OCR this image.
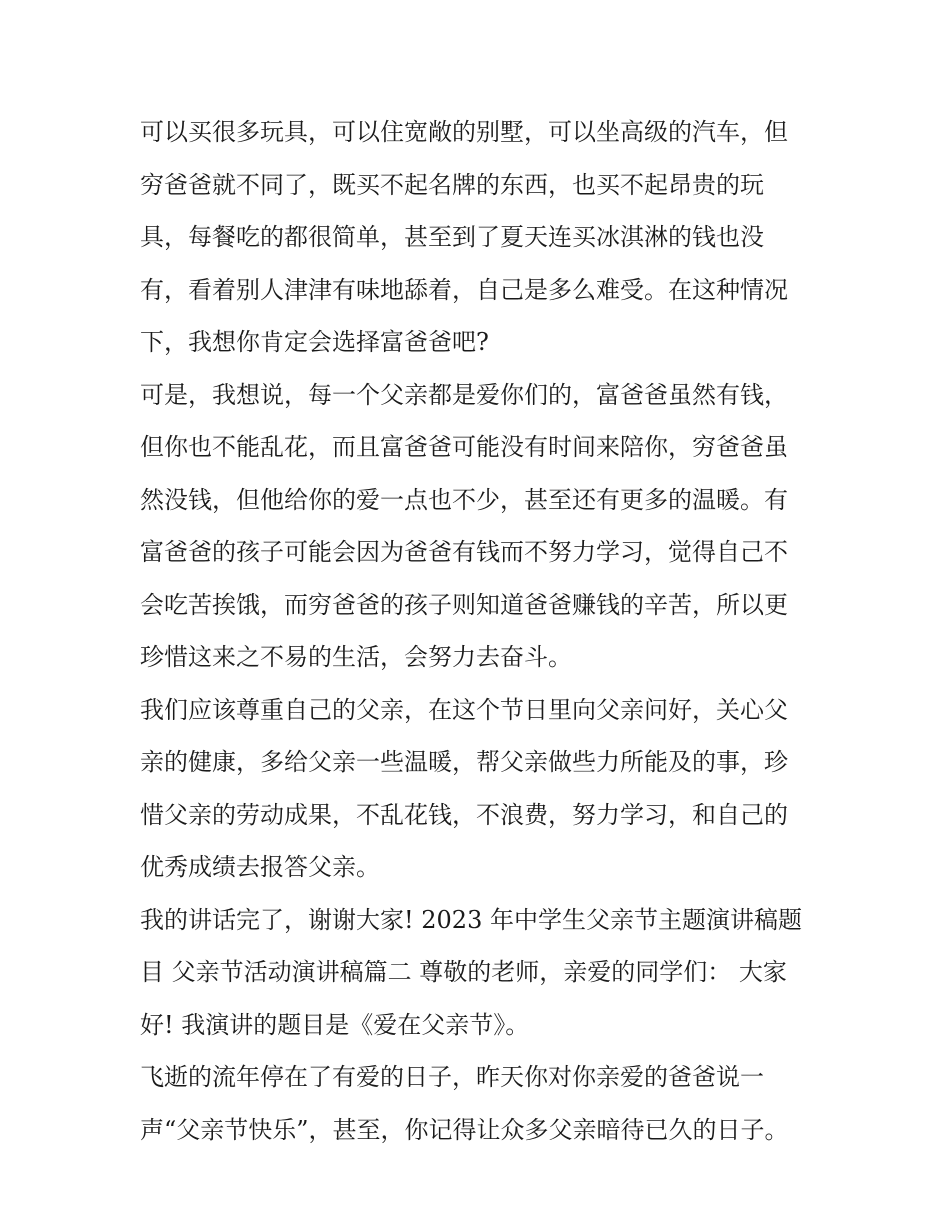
可以买很多玩具，可以住宽敞的别墅，可以坐高级的汽车，但
穷爸爸就不同了，既买不起名牌的东西，也买不起昂贵的玩
具，每餐吃的都很简单，甚至到了夏天连买冰淇淋的钱也没
有，看着别人津津有味地舔着，自己是多么难受。在这种情况
下，我想你肯定会选择富爸爸吧?

可是，我想说，每一个父亲都是爱你们的，富爸爸虽然有钱，
但你也不能乱花，而且富爸爸可能没有时间来陪你，穷爸爸虽
然没钱，但他给你的爱一点也不少，甚至还有更多的温暖。有
富爸爸的孩子可能会因为爸爸有钱而不努力学习，觉得自己不
会吃苦挨饿，而穷爸爸的孩子则知道爸爸赚钱的辛苦，所以更
珍惜这来之不易的生活，会努力去奋斗。

我们应该尊重自己的父亲，在这个节日里向父亲问好，关心父
亲的健康，多给父亲一些温暖，帮父亲做些力所能及的事，珍
惜父亲的劳动成果，不乱花钱，不浪费，努力学习，和自己的
优秀成绩去报答父亲。

我的讲话完了，谢谢大家! 2023 年中学生父亲节主题演讲稿题
目 父亲节活动演讲稿篇二 尊敬的老师，亲爱的同学们： 大家
好! 我演讲的题目是《爱在父亲节》。

飞逝的流年停在了有爱的日子，昨天你对你亲爱的爸爸说一
声“父亲节快乐”，甚至，你记得让众多父亲暗待已久的日子。
